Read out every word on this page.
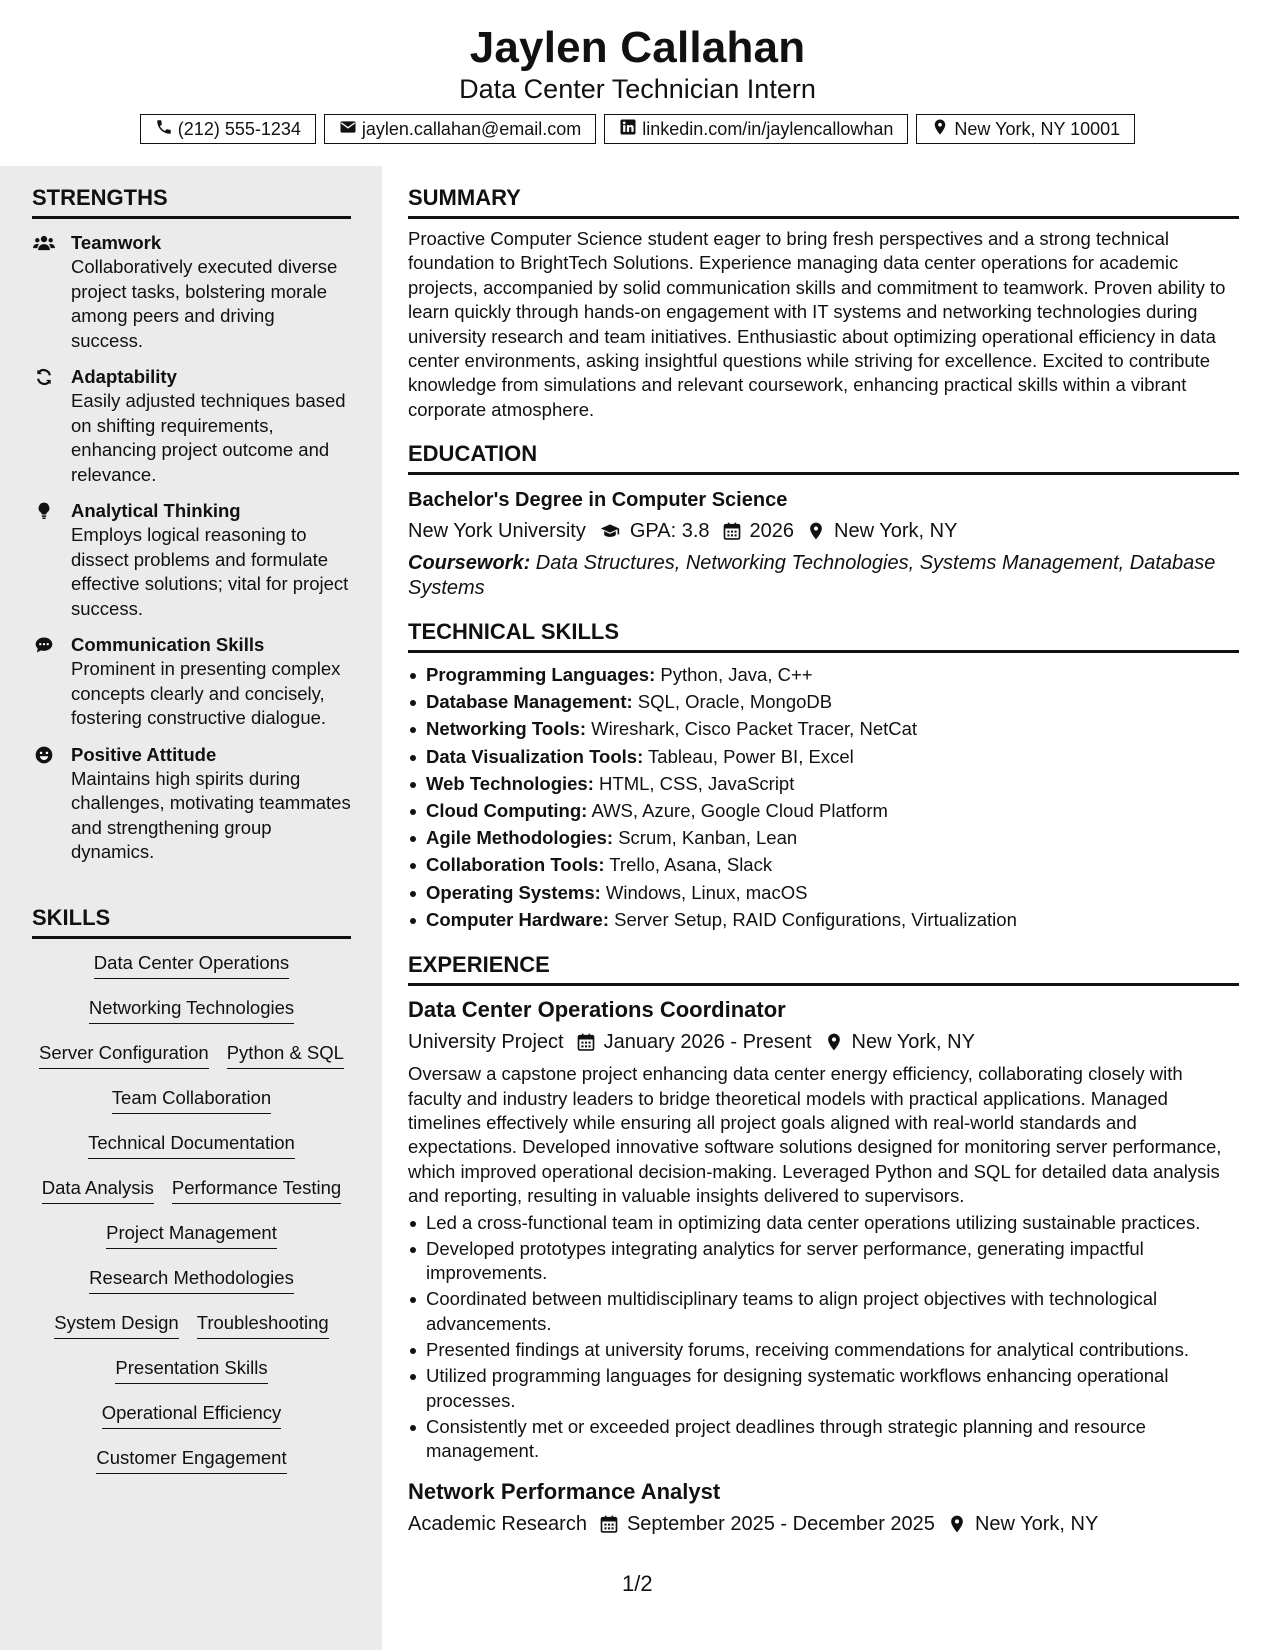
Jaylen Callahan
Data Center Technician Intern
(212) 555-1234	jaylen.callahan@email.com	linkedin.com/in/jaylencallowhan	New York, NY 10001
STRENGTHS
Teamwork
Collaboratively executed diverse project tasks, bolstering morale among peers and driving success.
Adaptability
Easily adjusted techniques based on shifting requirements, enhancing project outcome and relevance.
Analytical Thinking
Employs logical reasoning to dissect problems and formulate effective solutions; vital for project success.
Communication Skills
Prominent in presenting complex concepts clearly and concisely, fostering constructive dialogue.
Positive Attitude
Maintains high spirits during challenges, motivating teammates and strengthening group dynamics.
SKILLS
Data Center Operations
Networking Technologies
Server Configuration Python & SQL
Team Collaboration
Technical Documentation
Data Analysis Performance Testing
Project Management
Research Methodologies
System Design Troubleshooting
Presentation Skills
Operational Efficiency
Customer Engagement
SUMMARY
Proactive Computer Science student eager to bring fresh perspectives and a strong technical foundation to BrightTech Solutions. Experience managing data center operations for academic projects, accompanied by solid communication skills and commitment to teamwork. Proven ability to learn quickly through hands-on engagement with IT systems and networking technologies during university research and team initiatives. Enthusiastic about optimizing operational efficiency in data center environments, asking insightful questions while striving for excellence. Excited to contribute knowledge from simulations and relevant coursework, enhancing practical skills within a vibrant corporate atmosphere.
EDUCATION
Bachelor's Degree in Computer Science
New York University GPA: 3.8 2026 New York, NY
Coursework: Data Structures, Networking Technologies, Systems Management, Database Systems
TECHNICAL SKILLS
Programming Languages: Python, Java, C++
Database Management: SQL, Oracle, MongoDB
Networking Tools: Wireshark, Cisco Packet Tracer, NetCat
Data Visualization Tools: Tableau, Power BI, Excel
Web Technologies: HTML, CSS, JavaScript
Cloud Computing: AWS, Azure, Google Cloud Platform
Agile Methodologies: Scrum, Kanban, Lean
Collaboration Tools: Trello, Asana, Slack
Operating Systems: Windows, Linux, macOS
Computer Hardware: Server Setup, RAID Configurations, Virtualization
EXPERIENCE
Data Center Operations Coordinator
University Project January 2026 - Present New York, NY
Oversaw a capstone project enhancing data center energy efficiency, collaborating closely with faculty and industry leaders to bridge theoretical models with practical applications. Managed timelines effectively while ensuring all project goals aligned with real-world standards and expectations. Developed innovative software solutions designed for monitoring server performance, which improved operational decision-making. Leveraged Python and SQL for detailed data analysis and reporting, resulting in valuable insights delivered to supervisors.
Led a cross-functional team in optimizing data center operations utilizing sustainable practices.
Developed prototypes integrating analytics for server performance, generating impactful improvements.
Coordinated between multidisciplinary teams to align project objectives with technological advancements.
Presented findings at university forums, receiving commendations for analytical contributions.
Utilized programming languages for designing systematic workflows enhancing operational processes.
Consistently met or exceeded project deadlines through strategic planning and resource management.
Network Performance Analyst
Academic Research September 2025 - December 2025 New York, NY
1/2
